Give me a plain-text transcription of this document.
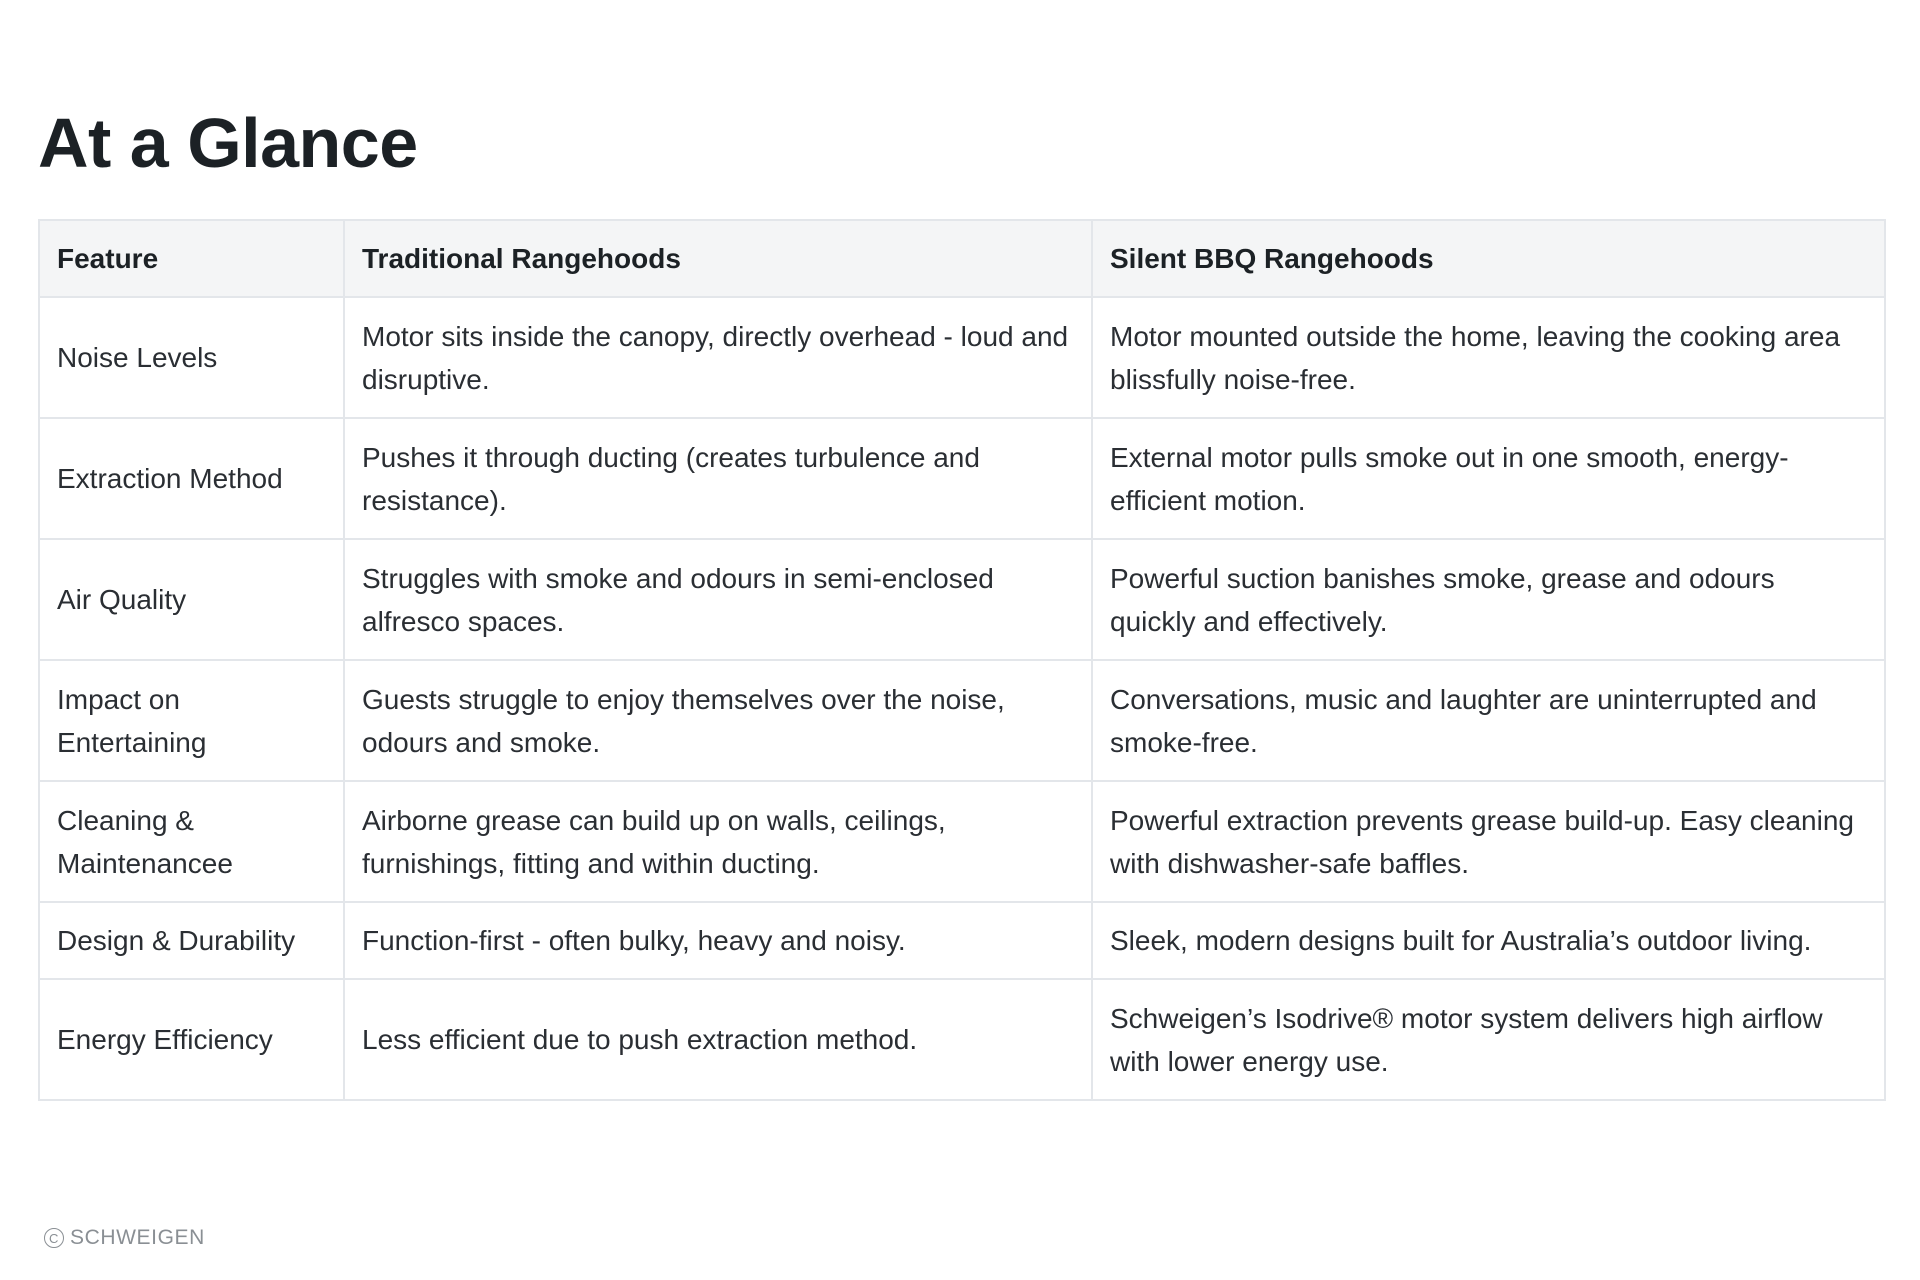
At a Glance
Feature	Traditional Rangehoods	Silent BBQ Rangehoods
Noise Levels	Motor sits inside the canopy, directly overhead - loud and disruptive.	Motor mounted outside the home, leaving the cooking area blissfully noise-free.
Extraction Method	Pushes it through ducting (creates turbulence and resistance).	External motor pulls smoke out in one smooth, energy-efficient motion.
Air Quality	Struggles with smoke and odours in semi-enclosed alfresco spaces.	Powerful suction banishes smoke, grease and odours quickly and effectively.
Impact on Entertaining	Guests struggle to enjoy themselves over the noise, odours and smoke.	Conversations, music and laughter are uninterrupted and smoke-free.
Cleaning & Maintenancee	Airborne grease can build up on walls, ceilings, furnishings, fitting and within ducting.	Powerful extraction prevents grease build-up. Easy cleaning with dishwasher-safe baffles.
Design & Durability	Function-first - often bulky, heavy and noisy.	Sleek, modern designs built for Australia’s outdoor living.
Energy Efficiency	Less efficient due to push extraction method.	Schweigen’s Isodrive® motor system delivers high airflow with lower energy use.
C SCHWEIGEN
